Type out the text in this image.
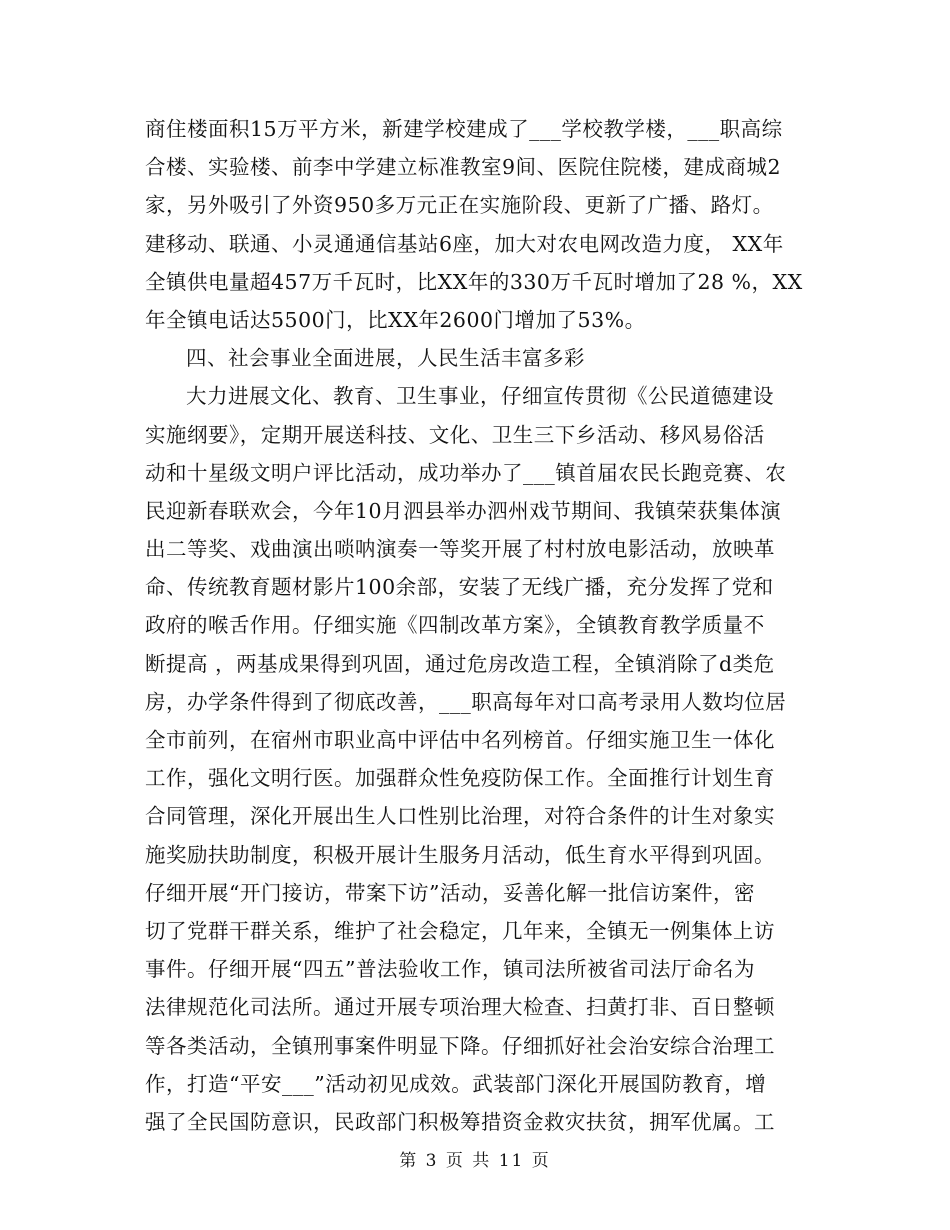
商住楼面积15万平方米，新建学校建成了___学校教学楼，___职高综
合楼、实验楼、前李中学建立标准教室9间、医院住院楼，建成商城2
家，另外吸引了外资950多万元正在实施阶段、更新了广播、路灯。
建移动、联通、小灵通通信基站6座，加大对农电网改造力度， XX年
全镇供电量超457万千瓦时，比XX年的330万千瓦时增加了28 %，XX
年全镇电话达5500门，比XX年2600门增加了53%。
四、社会事业全面进展，人民生活丰富多彩
大力进展文化、教育、卫生事业，仔细宣传贯彻《公民道德建设
实施纲要》，定期开展送科技、文化、卫生三下乡活动、移风易俗活
动和十星级文明户评比活动，成功举办了___镇首届农民长跑竞赛、农
民迎新春联欢会，今年10月泗县举办泗州戏节期间、我镇荣获集体演
出二等奖、戏曲演出唢呐演奏一等奖开展了村村放电影活动，放映革
命、传统教育题材影片100余部，安装了无线广播，充分发挥了党和
政府的喉舌作用。仔细实施《四制改革方案》，全镇教育教学质量不
断提高 ，两基成果得到巩固，通过危房改造工程，全镇消除了d类危
房，办学条件得到了彻底改善，___职高每年对口高考录用人数均位居
全市前列，在宿州市职业高中评估中名列榜首。仔细实施卫生一体化
工作，强化文明行医。加强群众性免疫防保工作。全面推行计划生育
合同管理，深化开展出生人口性别比治理，对符合条件的计生对象实
施奖励扶助制度，积极开展计生服务月活动，低生育水平得到巩固。
仔细开展“开门接访，带案下访”活动，妥善化解一批信访案件，密
切了党群干群关系，维护了社会稳定，几年来，全镇无一例集体上访
事件。仔细开展“四五”普法验收工作，镇司法所被省司法厅命名为
法律规范化司法所。通过开展专项治理大检查、扫黄打非、百日整顿
等各类活动，全镇刑事案件明显下降。仔细抓好社会治安综合治理工
作，打造“平安___”活动初见成效。武装部门深化开展国防教育，增
强了全民国防意识，民政部门积极筹措资金救灾扶贫，拥军优属。工
第 3 页 共 11 页
